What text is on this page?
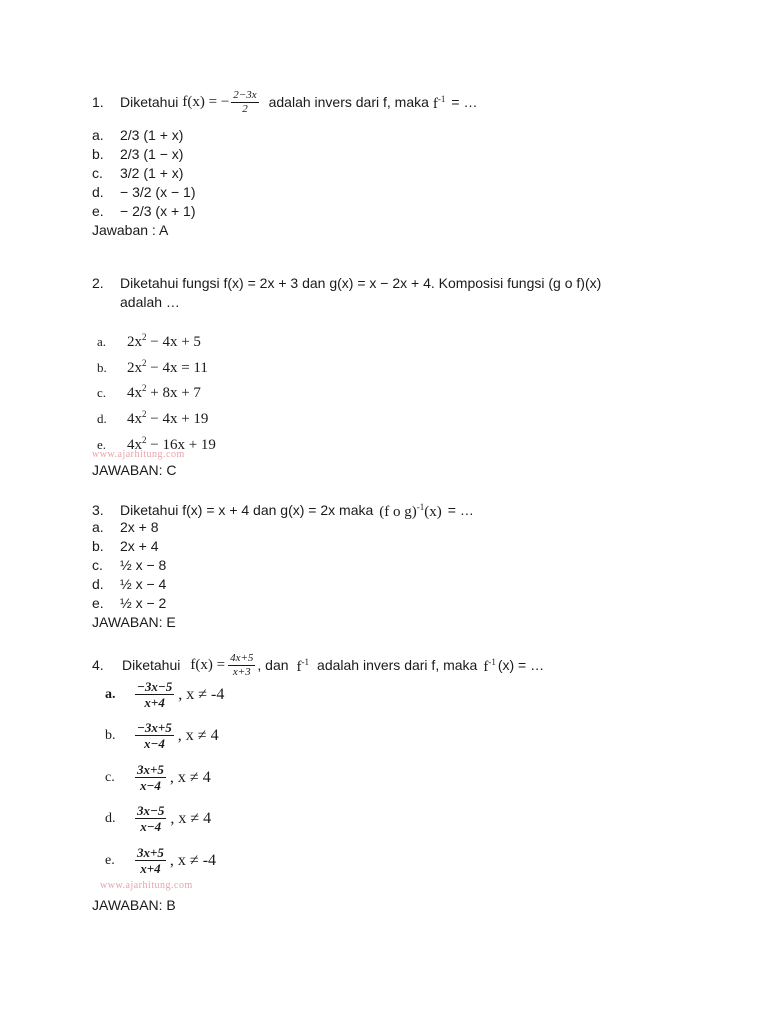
1.	Diketahui f(x) = − $\frac{2-3x}{2}$ adalah invers dari f, maka $f^{-1}$ = …
a. 2/3 (1 + x)
b. 2/3 (1 − x)
c. 3/2 (1 + x)
d. − 3/2 (x − 1)
e. − 2/3 (x + 1)
Jawaban : A
2. Diketahui fungsi f(x) = 2x + 3 dan g(x) = x − 2x + 4. Komposisi fungsi (g o f)(x)
adalah …
a. $2x^2 - 4x + 5$
b. $2x^2 - 4x = 11$
c. $4x^2 + 8x + 7$
d. $4x^2 - 4x + 19$
e. $4x^2 - 16x + 19$
www.ajarhitung.com
JAWABAN: C
3.	Diketahui f(x) = x + 4 dan g(x) = 2x maka (f o g)$^{-1}$(x) = …
a. 2x + 8
b. 2x + 4
c. ½ x − 8
d. ½ x − 4
e. ½ x − 2
JAWABAN: E
4.	Diketahui $f(x) = \frac{4x+5}{x+3}$ , dan $f^{-1}$ adalah invers dari f, maka $f^{-1}$ (x) = …
a.	$\frac{-3x-5}{x+4}$ , x ≠ -4
b.	$\frac{-3x+5}{x-4}$ , x ≠ 4
c.	$\frac{3x+5}{x-4}$ , x ≠ 4
d.	$\frac{3x-5}{x-4}$ , x ≠ 4
e.	$\frac{3x+5}{x+4}$ , x ≠ -4
www.ajarhitung.com
JAWABAN: B
